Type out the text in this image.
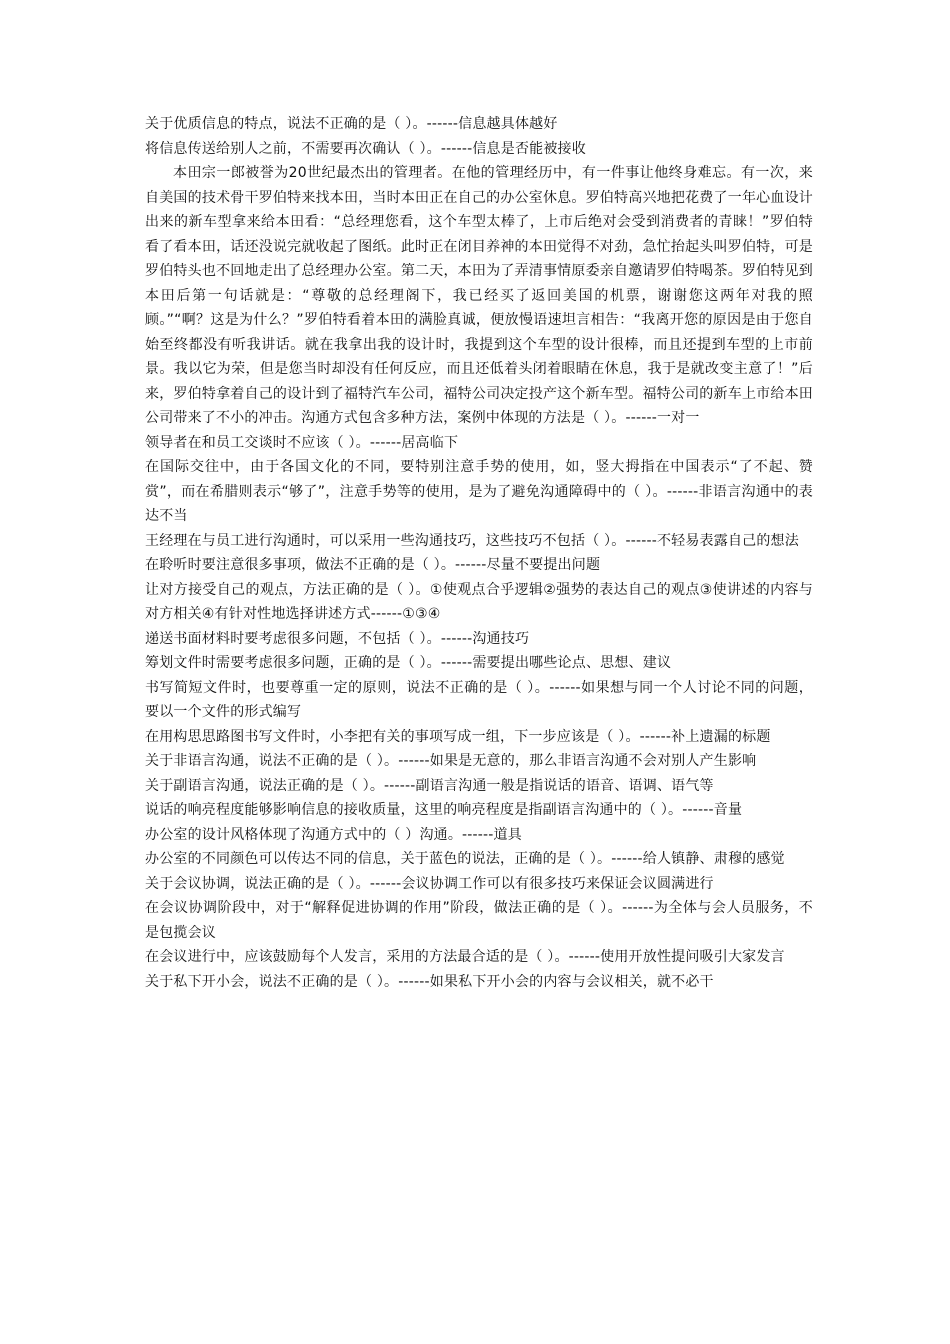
关于优质信息的特点，说法不正确的是（ ）。------信息越具体越好

将信息传送给别人之前，不需要再次确认（ ）。------信息是否能被接收

本田宗一郎被誉为20世纪最杰出的管理者。在他的管理经历中，有一件事让他终身难忘。有一次，来自美国的技术骨干罗伯特来找本田，当时本田正在自己的办公室休息。罗伯特高兴地把花费了一年心血设计出来的新车型拿来给本田看：“总经理您看，这个车型太棒了，上市后绝对会受到消费者的青睐！”罗伯特看了看本田，话还没说完就收起了图纸。此时正在闭目养神的本田觉得不对劲，急忙抬起头叫罗伯特，可是罗伯特头也不回地走出了总经理办公室。第二天，本田为了弄清事情原委亲自邀请罗伯特喝茶。罗伯特见到本田后第一句话就是：“尊敬的总经理阁下，我已经买了返回美国的机票，谢谢您这两年对我的照顾。”“啊？这是为什么？”罗伯特看着本田的满脸真诚，便放慢语速坦言相告：“我离开您的原因是由于您自始至终都没有听我讲话。就在我拿出我的设计时，我提到这个车型的设计很棒，而且还提到车型的上市前景。我以它为荣，但是您当时却没有任何反应，而且还低着头闭着眼睛在休息，我于是就改变主意了！”后来，罗伯特拿着自己的设计到了福特汽车公司，福特公司决定投产这个新车型。福特公司的新车上市给本田公司带来了不小的冲击。沟通方式包含多种方法，案例中体现的方法是（ ）。------一对一

领导者在和员工交谈时不应该（ ）。------居高临下

在国际交往中，由于各国文化的不同，要特别注意手势的使用，如，竖大拇指在中国表示“了不起、赞赏”，而在希腊则表示“够了”，注意手势等的使用，是为了避免沟通障碍中的（ ）。------非语言沟通中的表达不当

王经理在与员工进行沟通时，可以采用一些沟通技巧，这些技巧不包括（ ）。------不轻易表露自己的想法

在聆听时要注意很多事项，做法不正确的是（ ）。------尽量不要提出问题

让对方接受自己的观点，方法正确的是（ ）。①使观点合乎逻辑②强势的表达自己的观点③使讲述的内容与对方相关④有针对性地选择讲述方式------①③④

递送书面材料时要考虑很多问题，不包括（ ）。------沟通技巧

筹划文件时需要考虑很多问题，正确的是（ ）。------需要提出哪些论点、思想、建议

书写简短文件时，也要尊重一定的原则，说法不正确的是（ ）。------如果想与同一个人讨论不同的问题，要以一个文件的形式编写

在用构思思路图书写文件时，小李把有关的事项写成一组，下一步应该是（ ）。------补上遗漏的标题

关于非语言沟通，说法不正确的是（ ）。------如果是无意的，那么非语言沟通不会对别人产生影响

关于副语言沟通，说法正确的是（ ）。------副语言沟通一般是指说话的语音、语调、语气等

说话的响亮程度能够影响信息的接收质量，这里的响亮程度是指副语言沟通中的（ ）。------音量

办公室的设计风格体现了沟通方式中的（ ）沟通。------道具

办公室的不同颜色可以传达不同的信息，关于蓝色的说法，正确的是（ ）。------给人镇静、肃穆的感觉

关于会议协调，说法正确的是（ ）。------会议协调工作可以有很多技巧来保证会议圆满进行

在会议协调阶段中，对于“解释促进协调的作用”阶段，做法正确的是（ ）。------为全体与会人员服务，不是包揽会议

在会议进行中，应该鼓励每个人发言，采用的方法最合适的是（ ）。------使用开放性提问吸引大家发言

关于私下开小会，说法不正确的是（ ）。------如果私下开小会的内容与会议相关，就不必干
